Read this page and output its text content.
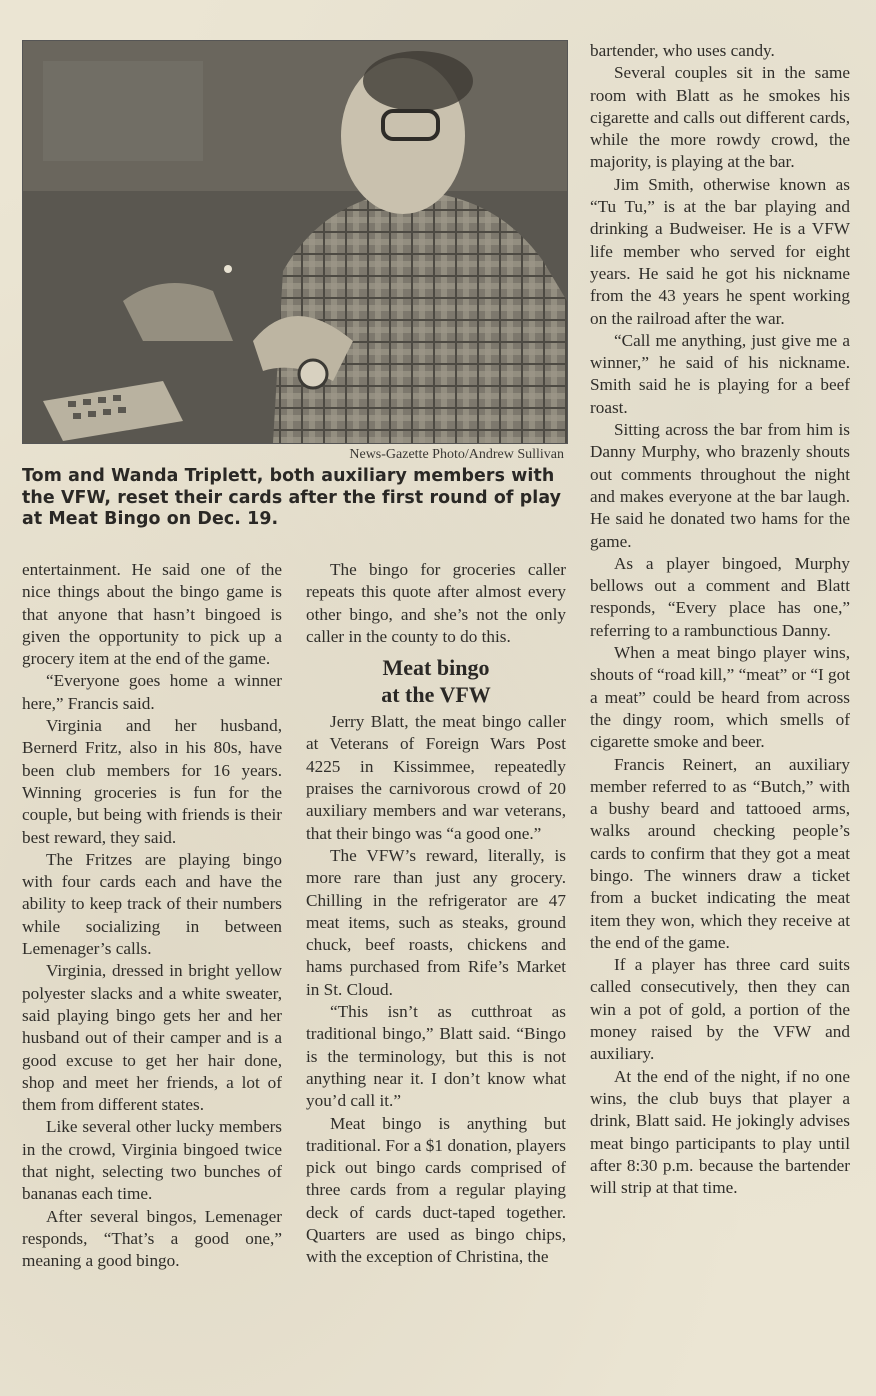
News-Gazette Photo/Andrew Sullivan
Tom and Wanda Triplett, both auxiliary members with the VFW, reset their cards after the first round of play at Meat Bingo on Dec. 19.

entertainment. He said one of the nice things about the bingo game is that anyone that hasn’t bingoed is given the opportunity to pick up a grocery item at the end of the game.

“Everyone goes home a winner here,” Francis said.

Virginia and her husband, Bernerd Fritz, also in his 80s, have been club members for 16 years. Winning groceries is fun for the couple, but being with friends is their best reward, they said.

The Fritzes are playing bingo with four cards each and have the ability to keep track of their numbers while socializing in between Lemenager’s calls.

Virginia, dressed in bright yellow polyester slacks and a white sweater, said playing bingo gets her and her husband out of their camper and is a good excuse to get her hair done, shop and meet her friends, a lot of them from different states.

Like several other lucky members in the crowd, Virginia bingoed twice that night, selecting two bunches of bananas each time.

After several bingos, Lemenager responds, “That’s a good one,” meaning a good bingo.

The bingo for groceries caller repeats this quote after almost every other bingo, and she’s not the only caller in the county to do this.

Meat bingo
at the VFW

Jerry Blatt, the meat bingo caller at Veterans of Foreign Wars Post 4225 in Kissimmee, repeatedly praises the carnivorous crowd of 20 auxiliary members and war veterans, that their bingo was “a good one.”

The VFW’s reward, literally, is more rare than just any grocery. Chilling in the refrigerator are 47 meat items, such as steaks, ground chuck, beef roasts, chickens and hams purchased from Rife’s Market in St. Cloud.

“This isn’t as cutthroat as traditional bingo,” Blatt said. “Bingo is the terminology, but this is not anything near it. I don’t know what you’d call it.”

Meat bingo is anything but traditional. For a $1 donation, players pick out bingo cards comprised of three cards from a regular playing deck of cards duct-taped together. Quarters are used as bingo chips, with the exception of Christina, the

bartender, who uses candy.

Several couples sit in the same room with Blatt as he smokes his cigarette and calls out different cards, while the more rowdy crowd, the majority, is playing at the bar.

Jim Smith, otherwise known as “Tu Tu,” is at the bar playing and drinking a Budweiser. He is a VFW life member who served for eight years. He said he got his nickname from the 43 years he spent working on the railroad after the war.

“Call me anything, just give me a winner,” he said of his nickname. Smith said he is playing for a beef roast.

Sitting across the bar from him is Danny Murphy, who brazenly shouts out comments throughout the night and makes everyone at the bar laugh. He said he donated two hams for the game.

As a player bingoed, Murphy bellows out a comment and Blatt responds, “Every place has one,” referring to a rambunctious Danny.

When a meat bingo player wins, shouts of “road kill,” “meat” or “I got a meat” could be heard from across the dingy room, which smells of cigarette smoke and beer.

Francis Reinert, an auxiliary member referred to as “Butch,” with a bushy beard and tattooed arms, walks around checking people’s cards to confirm that they got a meat bingo. The winners draw a ticket from a bucket indicating the meat item they won, which they receive at the end of the game.

If a player has three card suits called consecutively, then they can win a pot of gold, a portion of the money raised by the VFW and auxiliary.

At the end of the night, if no one wins, the club buys that player a drink, Blatt said. He jokingly advises meat bingo participants to play until after 8:30 p.m. because the bartender will strip at that time.
